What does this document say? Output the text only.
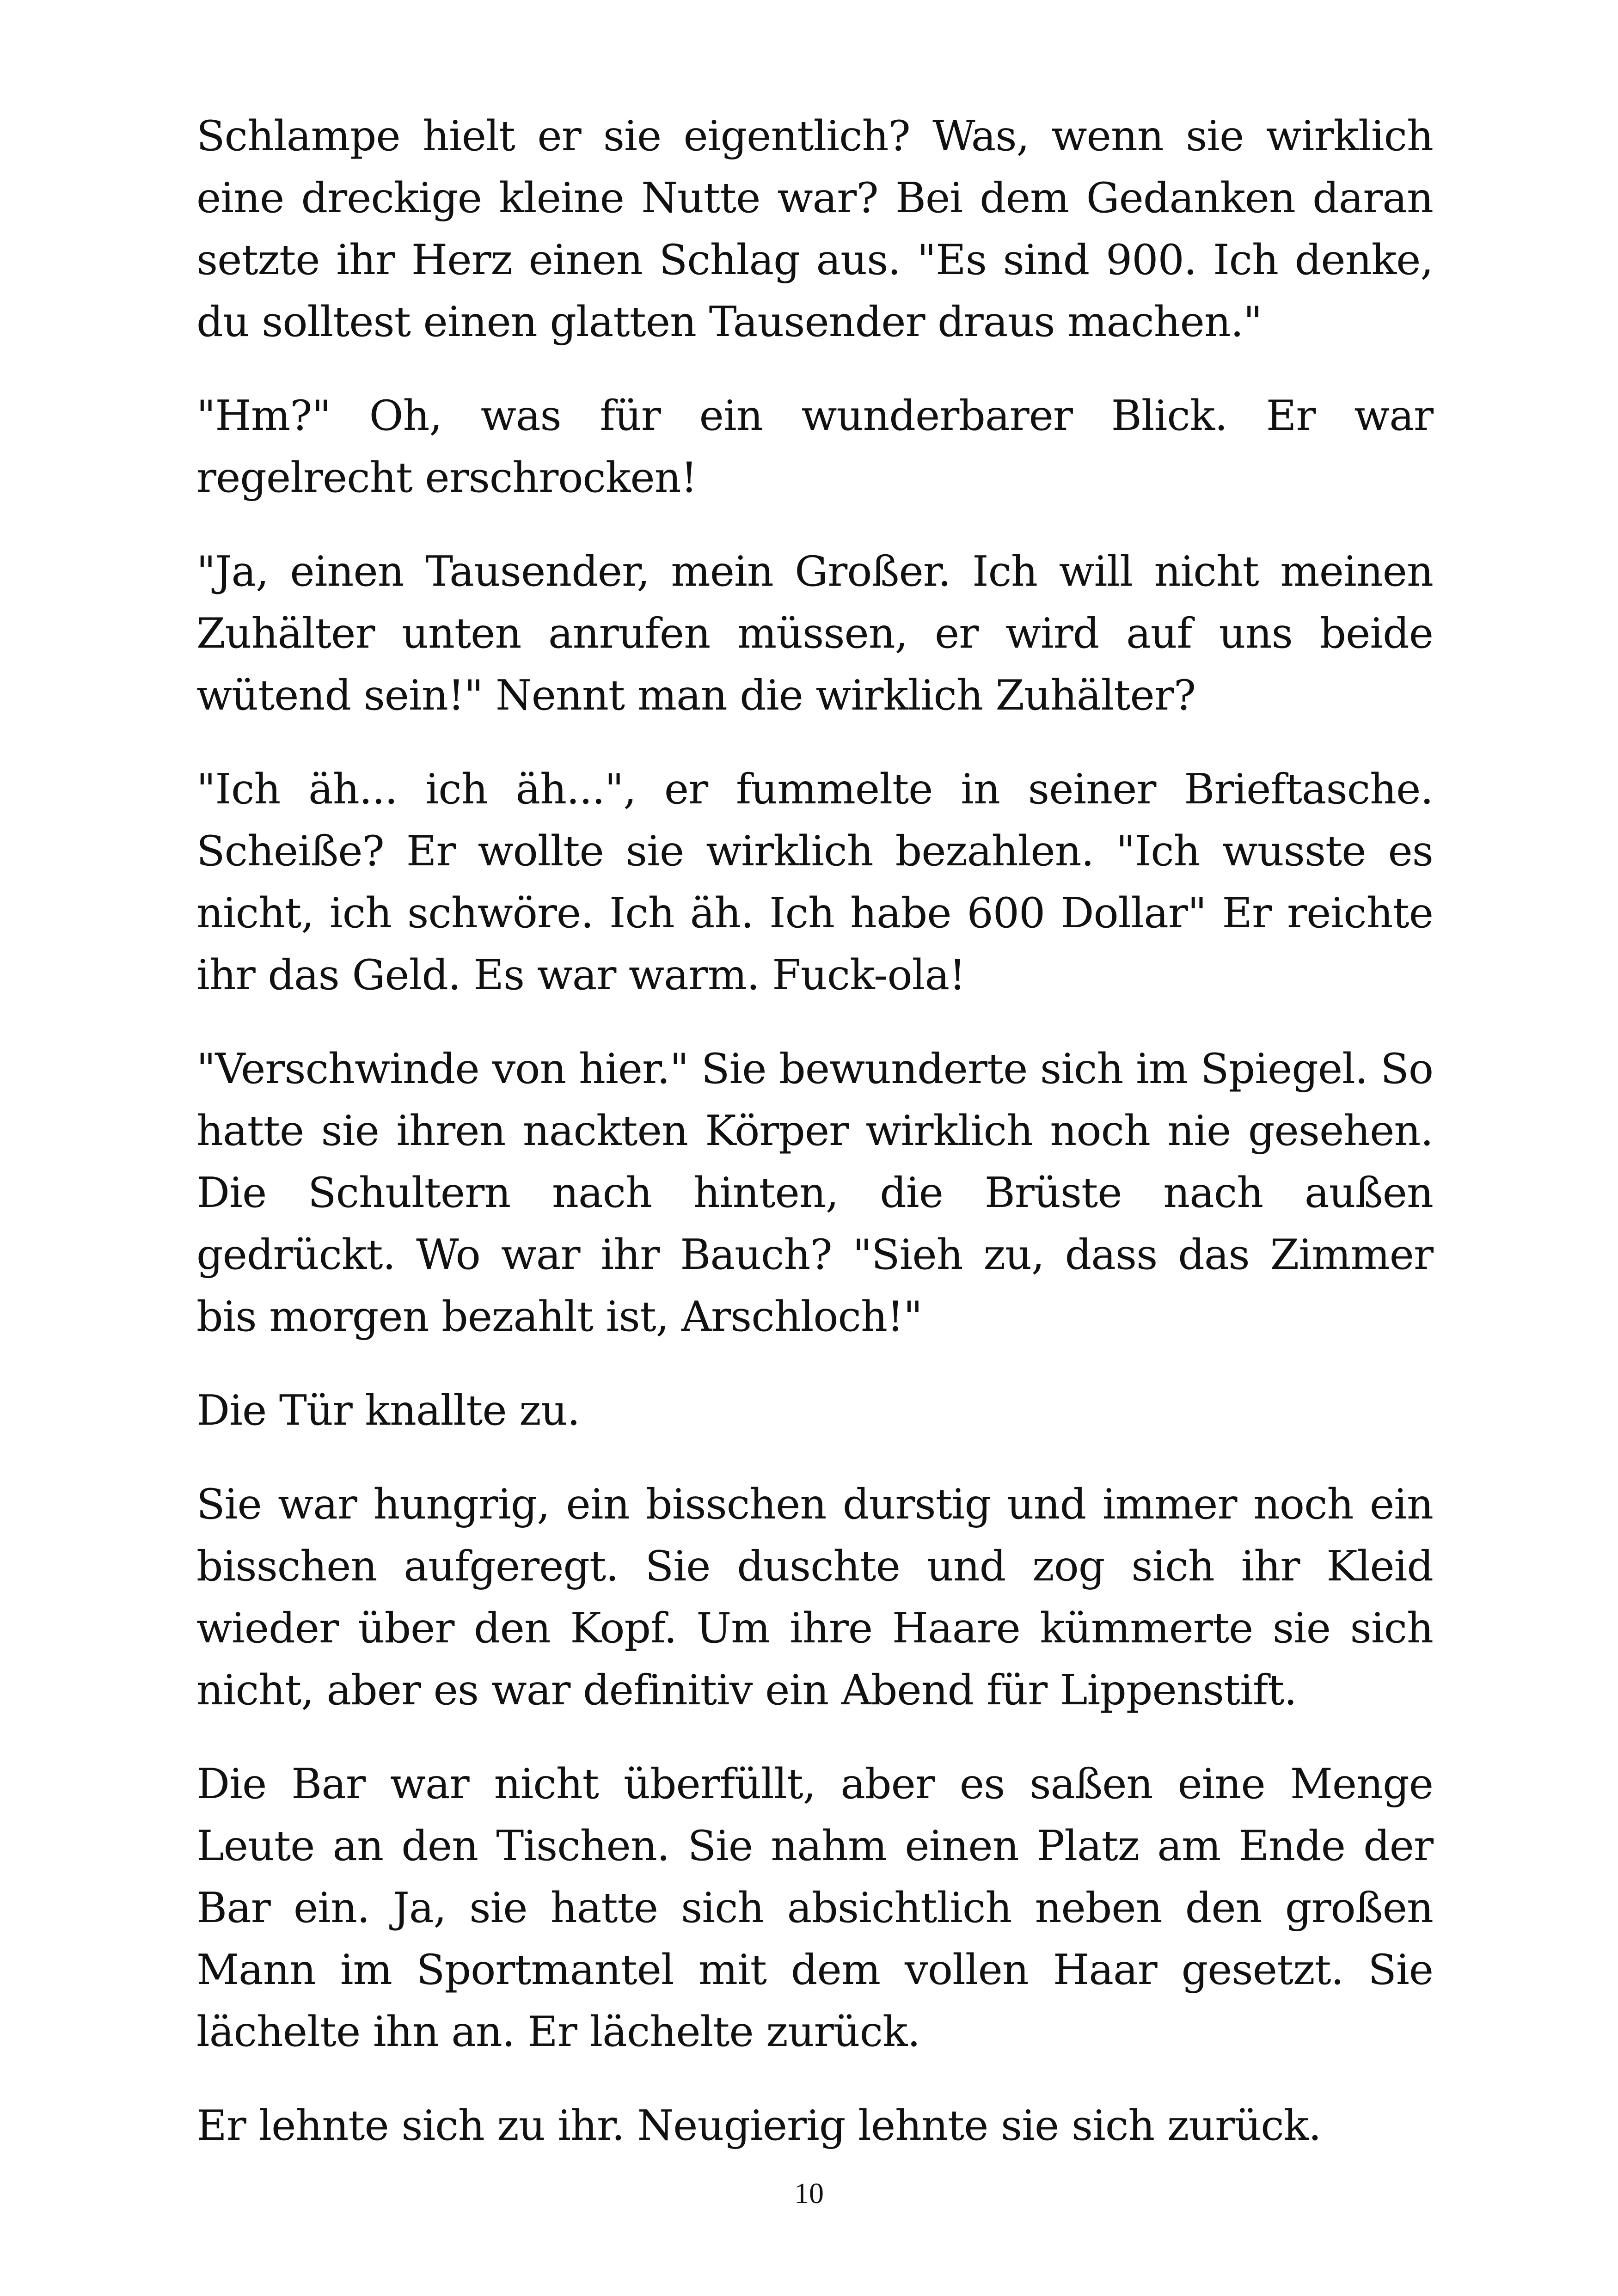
Schlampe hielt er sie eigentlich? Was, wenn sie wirklich eine dreckige kleine Nutte war? Bei dem Gedanken daran setzte ihr Herz einen Schlag aus. "Es sind 900. Ich denke, du solltest einen glatten Tausender draus machen."

"Hm?" Oh, was für ein wunderbarer Blick. Er war regelrecht erschrocken!

"Ja, einen Tausender, mein Großer. Ich will nicht meinen Zuhälter unten anrufen müssen, er wird auf uns beide wütend sein!" Nennt man die wirklich Zuhälter?

"Ich äh... ich äh...", er fummelte in seiner Brieftasche. Scheiße? Er wollte sie wirklich bezahlen. "Ich wusste es nicht, ich schwöre. Ich äh. Ich habe 600 Dollar" Er reichte ihr das Geld. Es war warm. Fuck-ola!

"Verschwinde von hier." Sie bewunderte sich im Spiegel. So hatte sie ihren nackten Körper wirklich noch nie gesehen. Die Schultern nach hinten, die Brüste nach außen gedrückt. Wo war ihr Bauch? "Sieh zu, dass das Zimmer bis morgen bezahlt ist, Arschloch!"

Die Tür knallte zu.

Sie war hungrig, ein bisschen durstig und immer noch ein bisschen aufgeregt. Sie duschte und zog sich ihr Kleid wieder über den Kopf. Um ihre Haare kümmerte sie sich nicht, aber es war definitiv ein Abend für Lippenstift.

Die Bar war nicht überfüllt, aber es saßen eine Menge Leute an den Tischen. Sie nahm einen Platz am Ende der Bar ein. Ja, sie hatte sich absichtlich neben den großen Mann im Sportmantel mit dem vollen Haar gesetzt. Sie lächelte ihn an. Er lächelte zurück.

Er lehnte sich zu ihr. Neugierig lehnte sie sich zurück.

10
